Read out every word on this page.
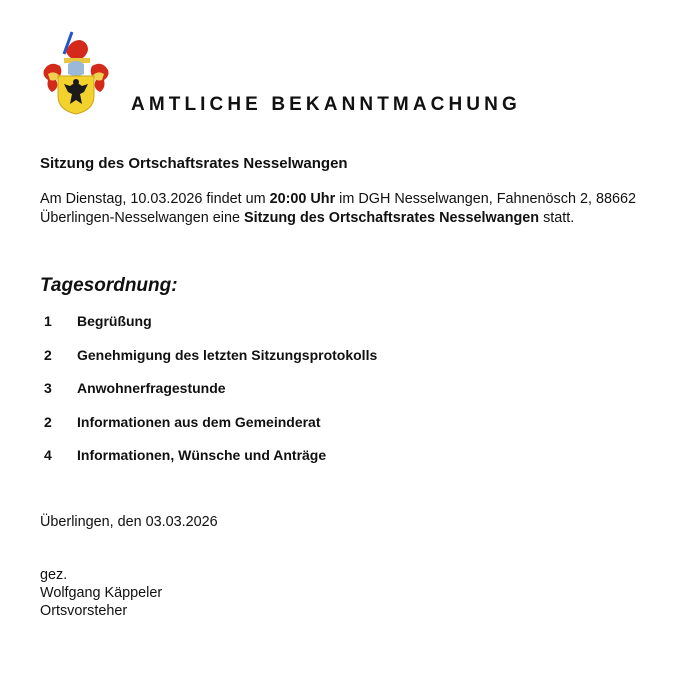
AMTLICHE BEKANNTMACHUNG
Sitzung des Ortschaftsrates Nesselwangen
Am Dienstag, 10.03.2026 findet um 20:00 Uhr im DGH Nesselwangen, Fahnenösch 2, 88662 Überlingen-Nesselwangen eine Sitzung des Ortschaftsrates Nesselwangen statt.
Tagesordnung:
1	Begrüßung
2	Genehmigung des letzten Sitzungsprotokolls
3	Anwohnerfragestunde
2	Informationen aus dem Gemeinderat
4	Informationen, Wünsche und Anträge
Überlingen, den 03.03.2026
gez.
Wolfgang Käppeler
Ortsvorsteher
